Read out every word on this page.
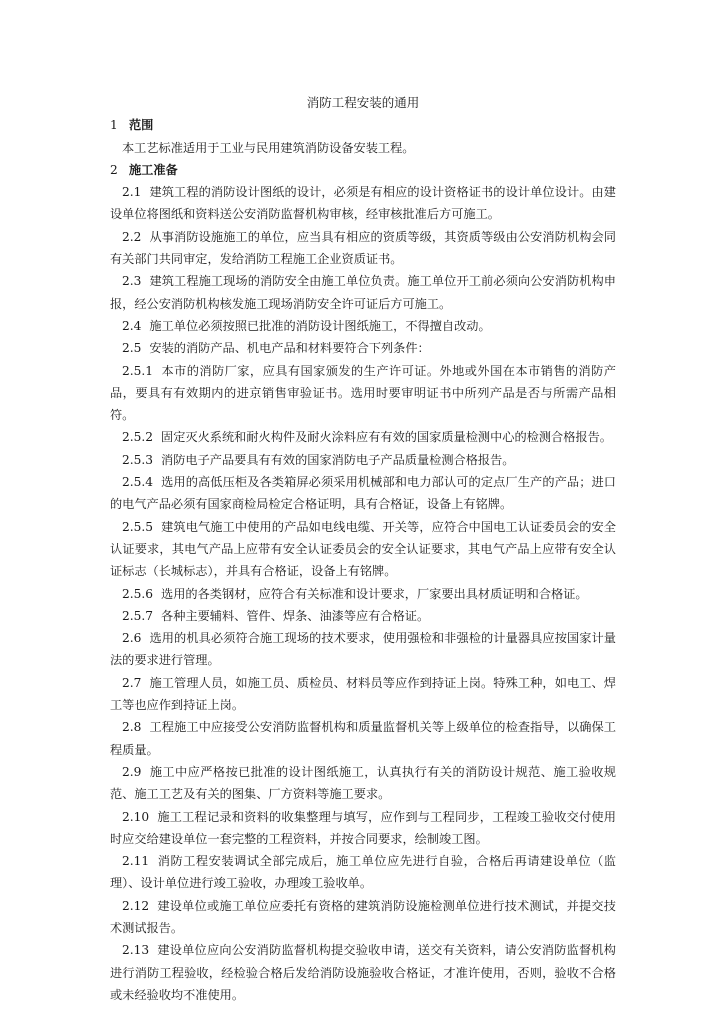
消防工程安装的通用

1 范围

本工艺标准适用于工业与民用建筑消防设备安装工程。

2 施工准备

2.1 建筑工程的消防设计图纸的设计，必须是有相应的设计资格证书的设计单位设计。由建设单位将图纸和资料送公安消防监督机构审核，经审核批准后方可施工。

2.2 从事消防设施施工的单位，应当具有相应的资质等级，其资质等级由公安消防机构会同有关部门共同审定，发给消防工程施工企业资质证书。

2.3 建筑工程施工现场的消防安全由施工单位负责。施工单位开工前必须向公安消防机构申报，经公安消防机构核发施工现场消防安全许可证后方可施工。

2.4 施工单位必须按照已批准的消防设计图纸施工，不得擅自改动。

2.5 安装的消防产品、机电产品和材料要符合下列条件：

2.5.1 本市的消防厂家，应具有国家颁发的生产许可证。外地或外国在本市销售的消防产品，要具有有效期内的进京销售审验证书。选用时要审明证书中所列产品是否与所需产品相符。

2.5.2 固定灭火系统和耐火构件及耐火涂料应有有效的国家质量检测中心的检测合格报告。

2.5.3 消防电子产品要具有有效的国家消防电子产品质量检测合格报告。

2.5.4 选用的高低压柜及各类箱屏必须采用机械部和电力部认可的定点厂生产的产品；进口的电气产品必须有国家商检局检定合格证明，具有合格证，设备上有铭牌。

2.5.5 建筑电气施工中使用的产品如电线电缆、开关等，应符合中国电工认证委员会的安全认证要求，其电气产品上应带有安全认证委员会的安全认证要求，其电气产品上应带有安全认证标志（长城标志），并具有合格证，设备上有铭牌。

2.5.6 选用的各类钢材，应符合有关标准和设计要求，厂家要出具材质证明和合格证。

2.5.7 各种主要辅料、管件、焊条、油漆等应有合格证。

2.6 选用的机具必须符合施工现场的技术要求，使用强检和非强检的计量器具应按国家计量法的要求进行管理。

2.7 施工管理人员，如施工员、质检员、材料员等应作到持证上岗。特殊工种，如电工、焊工等也应作到持证上岗。

2.8 工程施工中应接受公安消防监督机构和质量监督机关等上级单位的检查指导，以确保工程质量。

2.9 施工中应严格按已批准的设计图纸施工，认真执行有关的消防设计规范、施工验收规范、施工工艺及有关的图集、厂方资料等施工要求。

2.10 施工工程记录和资料的收集整理与填写，应作到与工程同步，工程竣工验收交付使用时应交给建设单位一套完整的工程资料，并按合同要求，绘制竣工图。

2.11 消防工程安装调试全部完成后，施工单位应先进行自验，合格后再请建设单位（监理）、设计单位进行竣工验收，办理竣工验收单。

2.12 建设单位或施工单位应委托有资格的建筑消防设施检测单位进行技术测试，并提交技术测试报告。

2.13 建设单位应向公安消防监督机构提交验收申请，送交有关资料，请公安消防监督机构进行消防工程验收，经检验合格后发给消防设施验收合格证，才准许使用，否则，验收不合格或未经验收均不准使用。
